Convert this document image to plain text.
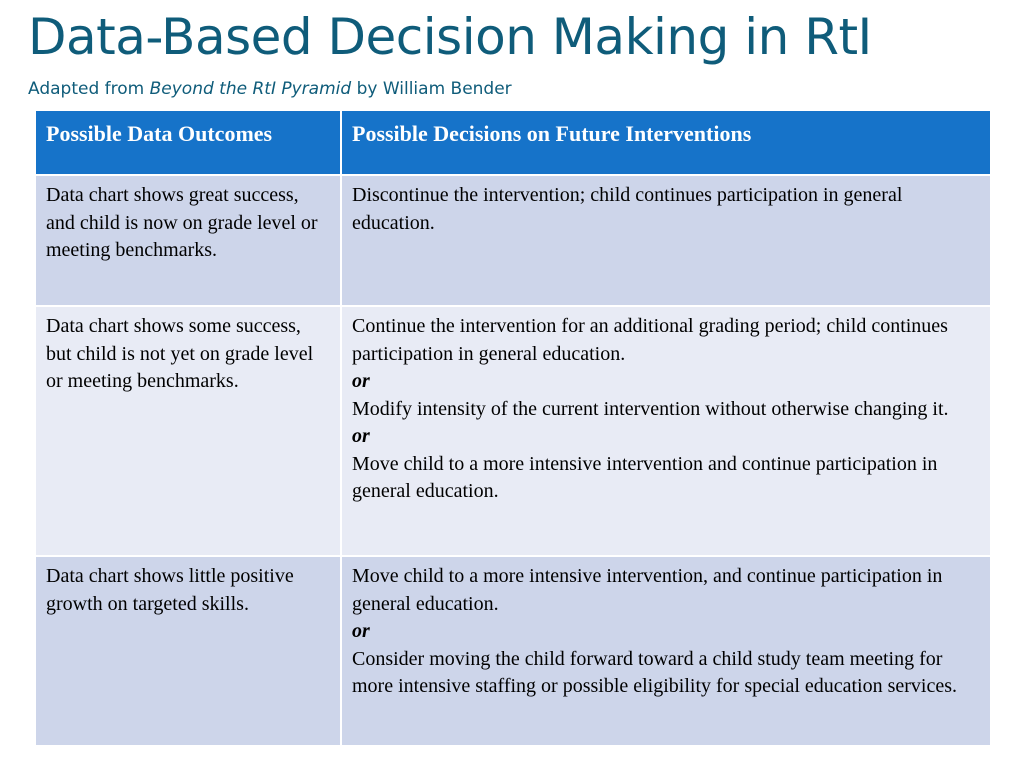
Data-Based Decision Making in RtI

Adapted from Beyond the RtI Pyramid by William Bender

Possible Data Outcomes	Possible Decisions on Future Interventions
Data chart shows great success, and child is now on grade level or meeting benchmarks.	Discontinue the intervention; child continues participation in general education.

Data chart shows some success, but child is not yet on grade level or meeting benchmarks.	Continue the intervention for an additional grading period; child continues participation in general education.
or
Modify intensity of the current intervention without otherwise changing it.
or
Move child to a more intensive intervention and continue participation in general education.

Data chart shows little positive growth on targeted skills.	Move child to a more intensive intervention, and continue participation in general education.
or
Consider moving the child forward toward a child study team meeting for more intensive staffing or possible eligibility for special education services.
